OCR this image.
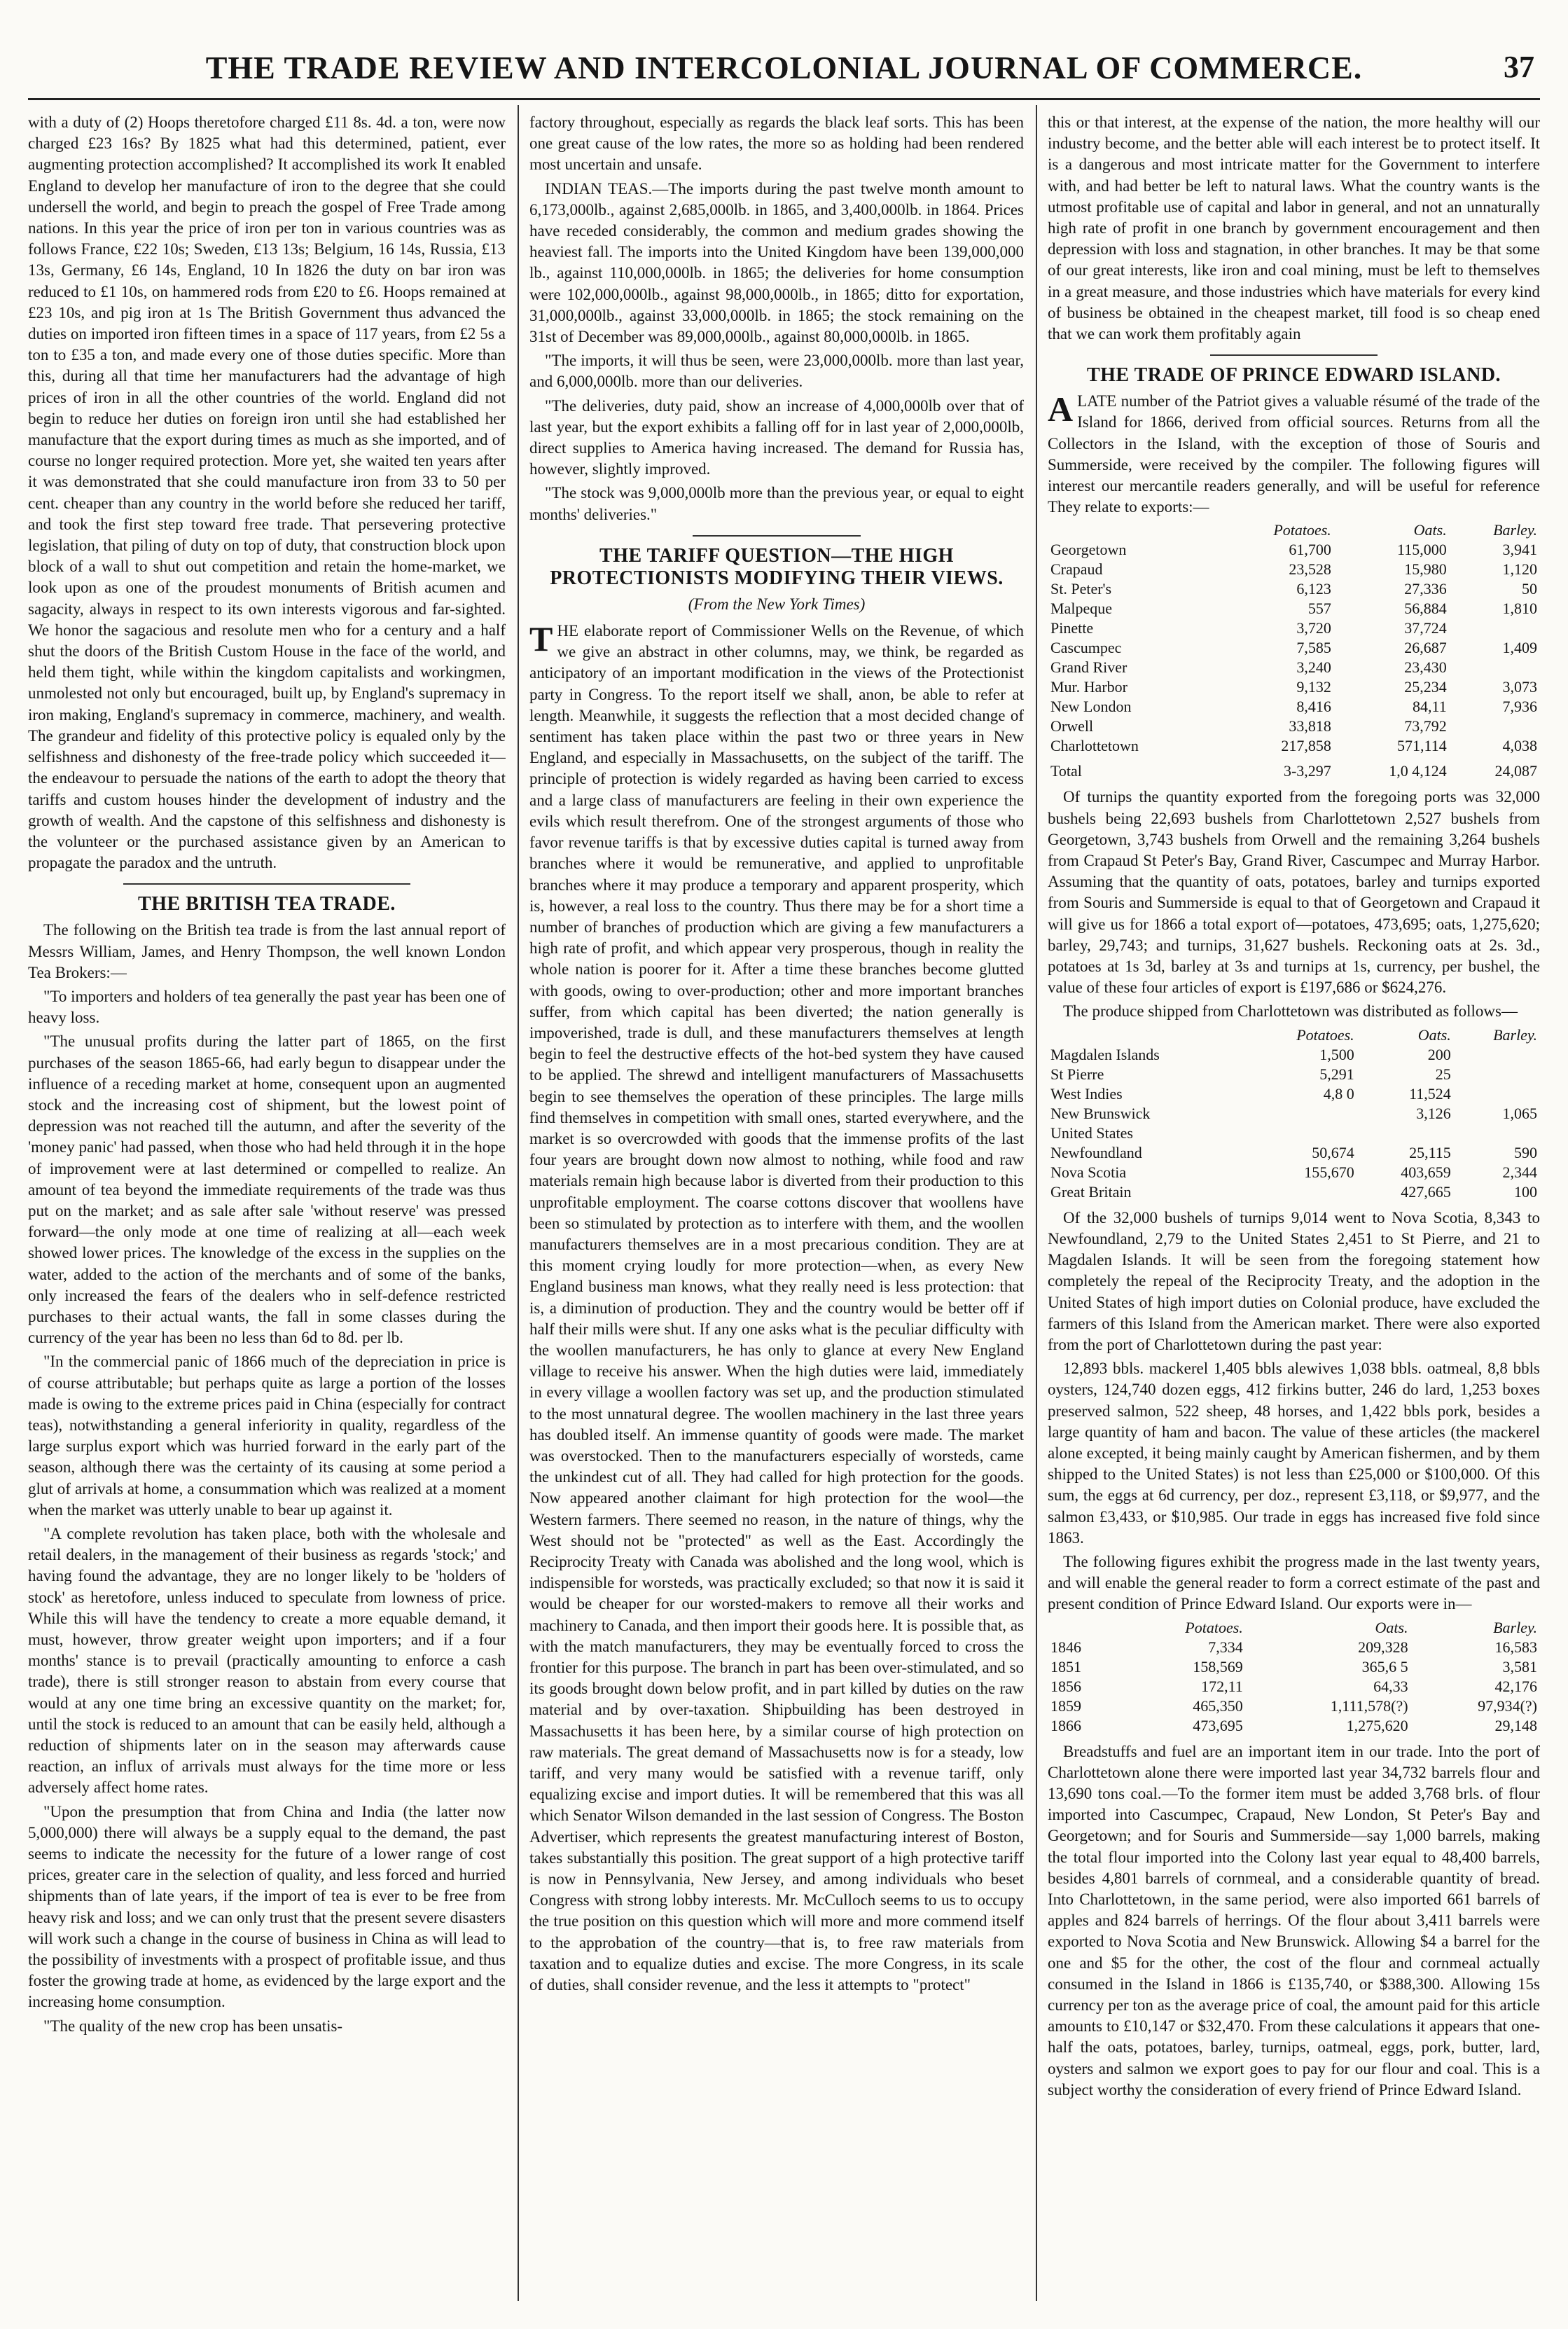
THE TRADE REVIEW AND INTERCOLONIAL JOURNAL OF COMMERCE.	37

with a duty of (2) Hoops theretofore charged £11 8s. 4d. a ton, were now charged £23 16s? By 1825 what had this determined, patient, ever augmenting protection accomplished? It accomplished its work It enabled England to develop her manufacture of iron to the degree that she could undersell the world, and begin to preach the gospel of Free Trade among nations. In this year the price of iron per ton in various countries was as follows France, £22 10s; Sweden, £13 13s; Belgium, 16 14s, Russia, £13 13s, Germany, £6 14s, England, 10 In 1826 the duty on bar iron was reduced to £1 10s, on hammered rods from £20 to £6. Hoops remained at £23 10s, and pig iron at 1s The British Government thus advanced the duties on imported iron fifteen times in a space of 117 years, from £2 5s a ton to £35 a ton, and made every one of those duties specific. More than this, during all that time her manufacturers had the advantage of high prices of iron in all the other countries of the world. England did not begin to reduce her duties on foreign iron until she had established her manufacture that the export during times as much as she imported, and of course no longer required protection. More yet, she waited ten years after it was demonstrated that she could manufacture iron from 33 to 50 per cent. cheaper than any country in the world before she reduced her tariff, and took the first step toward free trade. That persevering protective legislation, that piling of duty on top of duty, that construction block upon block of a wall to shut out competition and retain the home-market, we look upon as one of the proudest monuments of British acumen and sagacity, always in respect to its own interests vigorous and far-sighted. We honor the sagacious and resolute men who for a century and a half shut the doors of the British Custom House in the face of the world, and held them tight, while within the kingdom capitalists and workingmen, unmolested not only but encouraged, built up, by England's supremacy in iron making, England's supremacy in commerce, machinery, and wealth. The grandeur and fidelity of this protective policy is equaled only by the selfishness and dishonesty of the free-trade policy which succeeded it—the endeavour to persuade the nations of the earth to adopt the theory that tariffs and custom houses hinder the development of industry and the growth of wealth. And the capstone of this selfishness and dishonesty is the volunteer or the purchased assistance given by an American to propagate the paradox and the untruth.

THE BRITISH TEA TRADE.

The following on the British tea trade is from the last annual report of Messrs William, James, and Henry Thompson, the well known London Tea Brokers:—

"To importers and holders of tea generally the past year has been one of heavy loss.

"The unusual profits during the latter part of 1865, on the first purchases of the season 1865-66, had early begun to disappear under the influence of a receding market at home, consequent upon an augmented stock and the increasing cost of shipment, but the lowest point of depression was not reached till the autumn, and after the severity of the 'money panic' had passed, when those who had held through it in the hope of improvement were at last determined or compelled to realize. An amount of tea beyond the immediate requirements of the trade was thus put on the market; and as sale after sale 'without reserve' was pressed forward—the only mode at one time of realizing at all—each week showed lower prices. The knowledge of the excess in the supplies on the water, added to the action of the merchants and of some of the banks, only increased the fears of the dealers who in self-defence restricted purchases to their actual wants, the fall in some classes during the currency of the year has been no less than 6d to 8d. per lb.

"In the commercial panic of 1866 much of the depreciation in price is of course attributable; but perhaps quite as large a portion of the losses made is owing to the extreme prices paid in China (especially for contract teas), notwithstanding a general inferiority in quality, regardless of the large surplus export which was hurried forward in the early part of the season, although there was the certainty of its causing at some period a glut of arrivals at home, a consummation which was realized at a moment when the market was utterly unable to bear up against it.

"A complete revolution has taken place, both with the wholesale and retail dealers, in the management of their business as regards 'stock;' and having found the advantage, they are no longer likely to be 'holders of stock' as heretofore, unless induced to speculate from lowness of price. While this will have the tendency to create a more equable demand, it must, however, throw greater weight upon importers; and if a four months' stance is to prevail (practically amounting to enforce a cash trade), there is still stronger reason to abstain from every course that would at any one time bring an excessive quantity on the market; for, until the stock is reduced to an amount that can be easily held, although a reduction of shipments later on in the season may afterwards cause reaction, an influx of arrivals must always for the time more or less adversely affect home rates.

"Upon the presumption that from China and India (the latter now 5,000,000) there will always be a supply equal to the demand, the past seems to indicate the necessity for the future of a lower range of cost prices, greater care in the selection of quality, and less forced and hurried shipments than of late years, if the import of tea is ever to be free from heavy risk and loss; and we can only trust that the present severe disasters will work such a change in the course of business in China as will lead to the possibility of investments with a prospect of profitable issue, and thus foster the growing trade at home, as evidenced by the large export and the increasing home consumption.

"The quality of the new crop has been unsatis-

factory throughout, especially as regards the black leaf sorts. This has been one great cause of the low rates, the more so as holding had been rendered most uncertain and unsafe.

INDIAN TEAS.—The imports during the past twelve month amount to 6,173,000lb., against 2,685,000lb. in 1865, and 3,400,000lb. in 1864. Prices have receded considerably, the common and medium grades showing the heaviest fall. The imports into the United Kingdom have been 139,000,000 lb., against 110,000,000lb. in 1865; the deliveries for home consumption were 102,000,000lb., against 98,000,000lb., in 1865; ditto for exportation, 31,000,000lb., against 33,000,000lb. in 1865; the stock remaining on the 31st of December was 89,000,000lb., against 80,000,000lb. in 1865.

"The imports, it will thus be seen, were 23,000,000lb. more than last year, and 6,000,000lb. more than our deliveries.

"The deliveries, duty paid, show an increase of 4,000,000lb over that of last year, but the export exhibits a falling off for in last year of 2,000,000lb, direct supplies to America having increased. The demand for Russia has, however, slightly improved.

"The stock was 9,000,000lb more than the previous year, or equal to eight months' deliveries."

THE TARIFF QUESTION—THE HIGH PROTECTIONISTS MODIFYING THEIR VIEWS.
(From the New York Times)

THE elaborate report of Commissioner Wells on the Revenue, of which we give an abstract in other columns, may, we think, be regarded as anticipatory of an important modification in the views of the Protectionist party in Congress. To the report itself we shall, anon, be able to refer at length. Meanwhile, it suggests the reflection that a most decided change of sentiment has taken place within the past two or three years in New England, and especially in Massachusetts, on the subject of the tariff. The principle of protection is widely regarded as having been carried to excess and a large class of manufacturers are feeling in their own experience the evils which result therefrom. One of the strongest arguments of those who favor revenue tariffs is that by excessive duties capital is turned away from branches where it would be remunerative, and applied to unprofitable branches where it may produce a temporary and apparent prosperity, which is, however, a real loss to the country. Thus there may be for a short time a number of branches of production which are giving a few manufacturers a high rate of profit, and which appear very prosperous, though in reality the whole nation is poorer for it. After a time these branches become glutted with goods, owing to over-production; other and more important branches suffer, from which capital has been diverted; the nation generally is impoverished, trade is dull, and these manufacturers themselves at length begin to feel the destructive effects of the hot-bed system they have caused to be applied. The shrewd and intelligent manufacturers of Massachusetts begin to see themselves the operation of these principles. The large mills find themselves in competition with small ones, started everywhere, and the market is so overcrowded with goods that the immense profits of the last four years are brought down now almost to nothing, while food and raw materials remain high because labor is diverted from their production to this unprofitable employment. The coarse cottons discover that woollens have been so stimulated by protection as to interfere with them, and the woollen manufacturers themselves are in a most precarious condition. They are at this moment crying loudly for more protection—when, as every New England business man knows, what they really need is less protection: that is, a diminution of production. They and the country would be better off if half their mills were shut. If any one asks what is the peculiar difficulty with the woollen manufacturers, he has only to glance at every New England village to receive his answer. When the high duties were laid, immediately in every village a woollen factory was set up, and the production stimulated to the most unnatural degree. The woollen machinery in the last three years has doubled itself. An immense quantity of goods were made. The market was overstocked. Then to the manufacturers especially of worsteds, came the unkindest cut of all. They had called for high protection for the goods. Now appeared another claimant for high protection for the wool—the Western farmers. There seemed no reason, in the nature of things, why the West should not be "protected" as well as the East. Accordingly the Reciprocity Treaty with Canada was abolished and the long wool, which is indispensible for worsteds, was practically excluded; so that now it is said it would be cheaper for our worsted-makers to remove all their works and machinery to Canada, and then import their goods here. It is possible that, as with the match manufacturers, they may be eventually forced to cross the frontier for this purpose. The branch in part has been over-stimulated, and so its goods brought down below profit, and in part killed by duties on the raw material and by over-taxation. Shipbuilding has been destroyed in Massachusetts it has been here, by a similar course of high protection on raw materials. The great demand of Massachusetts now is for a steady, low tariff, and very many would be satisfied with a revenue tariff, only equalizing excise and import duties. It will be remembered that this was all which Senator Wilson demanded in the last session of Congress. The Boston Advertiser, which represents the greatest manufacturing interest of Boston, takes substantially this position. The great support of a high protective tariff is now in Pennsylvania, New Jersey, and among individuals who beset Congress with strong lobby interests. Mr. McCulloch seems to us to occupy the true position on this question which will more and more commend itself to the approbation of the country—that is, to free raw materials from taxation and to equalize duties and excise. The more Congress, in its scale of duties, shall consider revenue, and the less it attempts to "protect"

this or that interest, at the expense of the nation, the more healthy will our industry become, and the better able will each interest be to protect itself. It is a dangerous and most intricate matter for the Government to interfere with, and had better be left to natural laws. What the country wants is the utmost profitable use of capital and labor in general, and not an unnaturally high rate of profit in one branch by government encouragement and then depression with loss and stagnation, in other branches. It may be that some of our great interests, like iron and coal mining, must be left to themselves in a great measure, and those industries which have materials for every kind of business be obtained in the cheapest market, till food is so cheap ened that we can work them profitably again

THE TRADE OF PRINCE EDWARD ISLAND.

ALATE number of the Patriot gives a valuable résumé of the trade of the Island for 1866, derived from official sources. Returns from all the Collectors in the Island, with the exception of those of Souris and Summerside, were received by the compiler. The following figures will interest our mercantile readers generally, and will be useful for reference They relate to exports:—

	Potatoes.	Oats.	Barley.
Georgetown	61,700	115,000	3,941
Crapaud	23,528	15,980	1,120
St. Peter's	6,123	27,336	50
Malpeque	557	56,884	1,810
Pinette	3,720	37,724	
Cascumpec	7,585	26,687	1,409
Grand River	3,240	23,430	
Mur. Harbor	9,132	25,234	3,073
New London	8,416	84,11	7,936
Orwell	33,818	73,792	
Charlottetown	217,858	571,114	4,038
Total	3-3,297	1,0 4,124	24,087

Of turnips the quantity exported from the foregoing ports was 32,000 bushels being 22,693 bushels from Charlottetown 2,527 bushels from Georgetown, 3,743 bushels from Orwell and the remaining 3,264 bushels from Crapaud St Peter's Bay, Grand River, Cascumpec and Murray Harbor. Assuming that the quantity of oats, potatoes, barley and turnips exported from Souris and Summerside is equal to that of Georgetown and Crapaud it will give us for 1866 a total export of—potatoes, 473,695; oats, 1,275,620; barley, 29,743; and turnips, 31,627 bushels. Reckoning oats at 2s. 3d., potatoes at 1s 3d, barley at 3s and turnips at 1s, currency, per bushel, the value of these four articles of export is £197,686 or $624,276.

The produce shipped from Charlottetown was distributed as follows—

	Potatoes.	Oats.	Barley.
Magdalen Islands	1,500	200	
St Pierre	5,291	25	
West Indies	4,8 0	11,524	
New Brunswick		3,126	1,065
United States			
Newfoundland	50,674	25,115	590
Nova Scotia	155,670	403,659	2,344
Great Britain		427,665	100

Of the 32,000 bushels of turnips 9,014 went to Nova Scotia, 8,343 to Newfoundland, 2,79 to the United States 2,451 to St Pierre, and 21 to Magdalen Islands. It will be seen from the foregoing statement how completely the repeal of the Reciprocity Treaty, and the adoption in the United States of high import duties on Colonial produce, have excluded the farmers of this Island from the American market. There were also exported from the port of Charlottetown during the past year:

12,893 bbls. mackerel 1,405 bbls alewives 1,038 bbls. oatmeal, 8,8 bbls oysters, 124,740 dozen eggs, 412 firkins butter, 246 do lard, 1,253 boxes preserved salmon, 522 sheep, 48 horses, and 1,422 bbls pork, besides a large quantity of ham and bacon. The value of these articles (the mackerel alone excepted, it being mainly caught by American fishermen, and by them shipped to the United States) is not less than £25,000 or $100,000. Of this sum, the eggs at 6d currency, per doz., represent £3,118, or $9,977, and the salmon £3,433, or $10,985. Our trade in eggs has increased five fold since 1863.

The following figures exhibit the progress made in the last twenty years, and will enable the general reader to form a correct estimate of the past and present condition of Prince Edward Island. Our exports were in—

	Potatoes.	Oats.	Barley.
1846	7,334	209,328	16,583
1851	158,569	365,6 5	3,581
1856	172,11	64,33	42,176
1859	465,350	1,111,578(?)	97,934(?)
1866	473,695	1,275,620	29,148

Breadstuffs and fuel are an important item in our trade. Into the port of Charlottetown alone there were imported last year 34,732 barrels flour and 13,690 tons coal.—To the former item must be added 3,768 brls. of flour imported into Cascumpec, Crapaud, New London, St Peter's Bay and Georgetown; and for Souris and Summerside—say 1,000 barrels, making the total flour imported into the Colony last year equal to 48,400 barrels, besides 4,801 barrels of cornmeal, and a considerable quantity of bread. Into Charlottetown, in the same period, were also imported 661 barrels of apples and 824 barrels of herrings. Of the flour about 3,411 barrels were exported to Nova Scotia and New Brunswick. Allowing $4 a barrel for the one and $5 for the other, the cost of the flour and cornmeal actually consumed in the Island in 1866 is £135,740, or $388,300. Allowing 15s currency per ton as the average price of coal, the amount paid for this article amounts to £10,147 or $32,470. From these calculations it appears that one-half the oats, potatoes, barley, turnips, oatmeal, eggs, pork, butter, lard, oysters and salmon we export goes to pay for our flour and coal. This is a subject worthy the consideration of every friend of Prince Edward Island.
